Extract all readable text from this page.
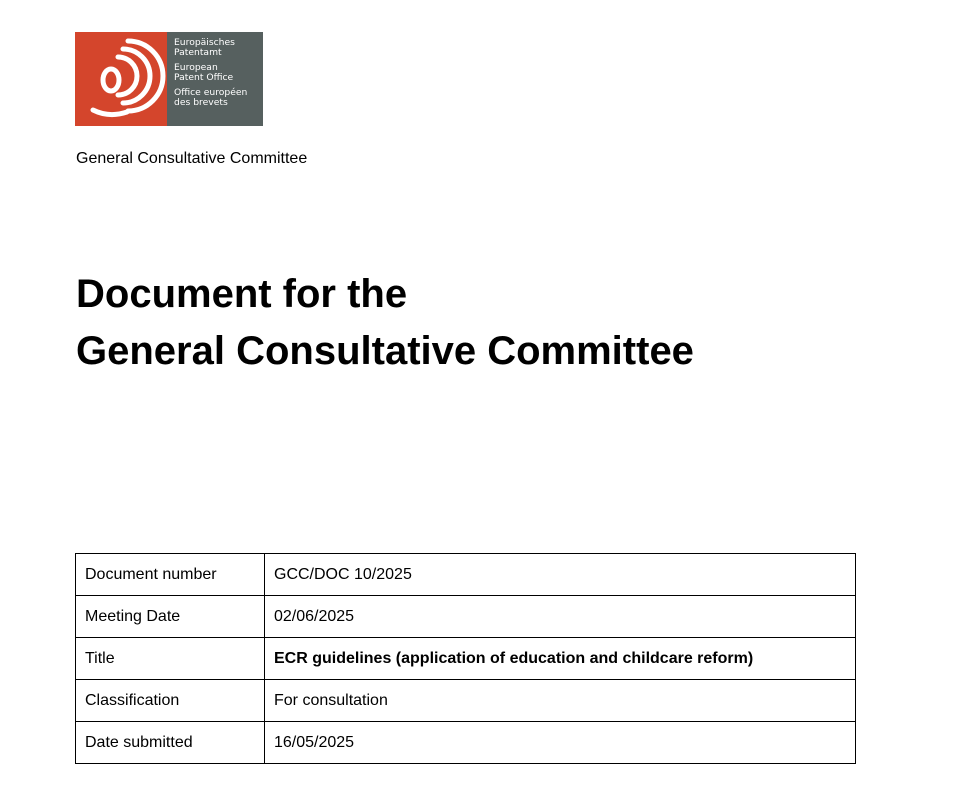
Europäisches
Patentamt
European
Patent Office
Office européen
des brevets
General Consultative Committee
Document for the
General Consultative Committee
Document number	GCC/DOC 10/2025
Meeting Date	02/06/2025
Title	ECR guidelines (application of education and childcare reform)
Classification	For consultation
Date submitted	16/05/2025
